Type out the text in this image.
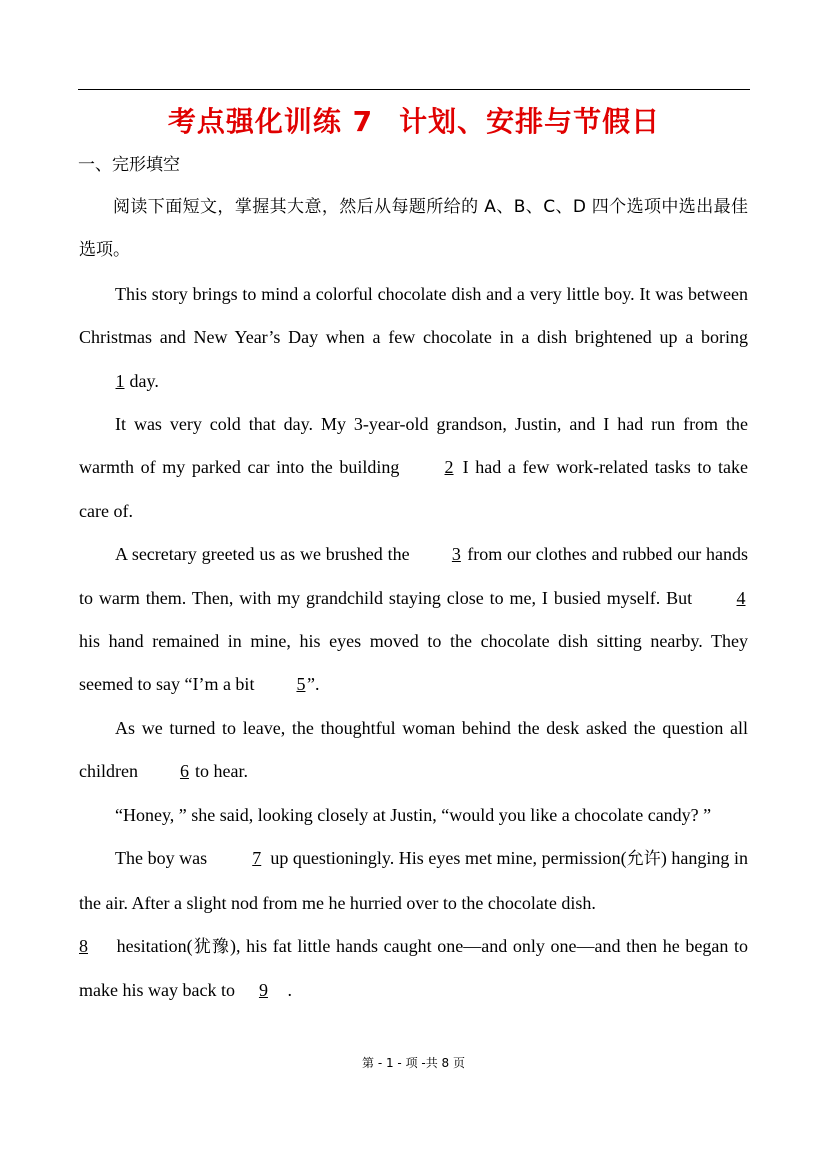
考点强化训练 7 计划、安排与节假日
一、完形填空

阅读下面短文，掌握其大意，然后从每题所给的 A、B、C、D 四个选项中选出最佳选项。

This story brings to mind a colorful chocolate dish and a very little boy. It was between Christmas and New Year’s Day when a few chocolate in a dish brightened up a boring 1 day.

It was very cold that day. My 3-year-old grandson, Justin, and I had run from the warmth of my parked car into the building 2 I had a few work-related tasks to take care of.

A secretary greeted us as we brushed the 3 from our clothes and rubbed our hands to warm them. Then, with my grandchild staying close to me, I busied myself. But 4 his hand remained in mine, his eyes moved to the chocolate dish sitting nearby. They seemed to say “I’m a bit 5”.

As we turned to leave, the thoughtful woman behind the desk asked the question all children 6 to hear.

“Honey, ” she said, looking closely at Justin, “would you like a chocolate candy? ”

The boy was 7 up questioningly. His eyes met mine, permission(允许) hanging in the air. After a slight nod from me he hurried over to the chocolate dish.

8 hesitation(犹豫), his fat little hands caught one—and only one—and then he began to make his way back to 9 .

第 - 1 - 项 -共 8 页
